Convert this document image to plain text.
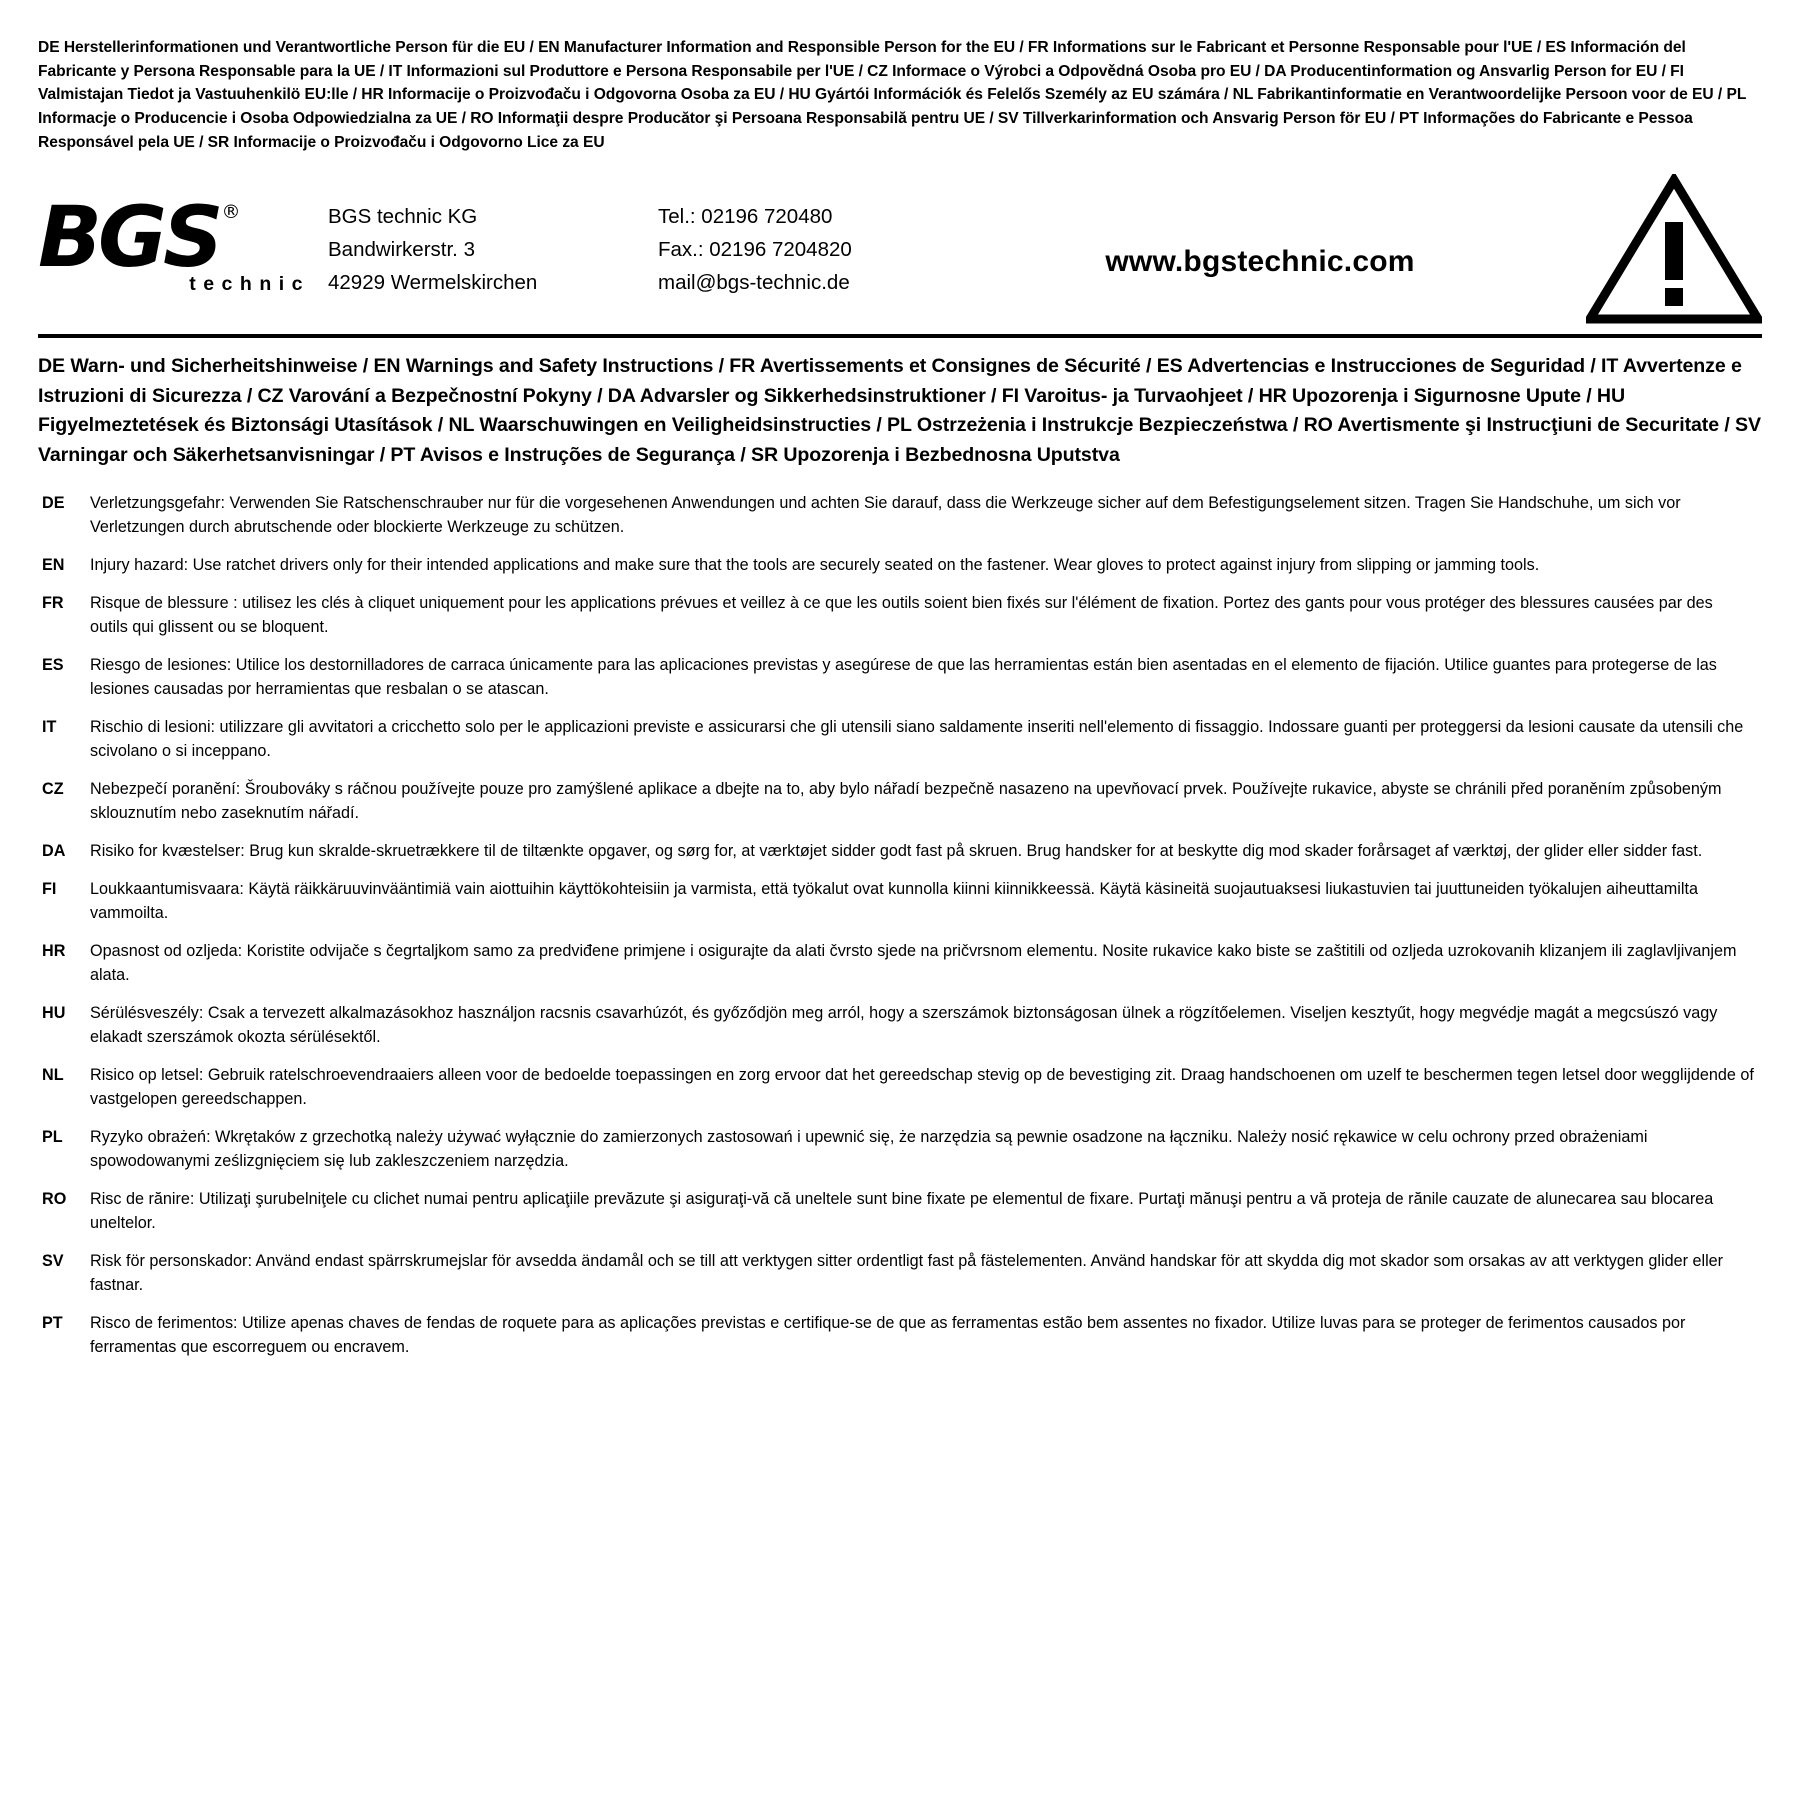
DE Herstellerinformationen und Verantwortliche Person für die EU / EN Manufacturer Information and Responsible Person for the EU / FR Informations sur le Fabricant et Personne Responsable pour l'UE / ES Información del Fabricante y Persona Responsable para la UE / IT Informazioni sul Produttore e Persona Responsabile per l'UE / CZ Informace o Výrobci a Odpovědná Osoba pro EU / DA Producentinformation og Ansvarlig Person for EU / FI Valmistajan Tiedot ja Vastuuhenkilö EU:lle / HR Informacije o Proizvođaču i Odgovorna Osoba za EU / HU Gyártói Információk és Felelős Személy az EU számára / NL Fabrikantinformatie en Verantwoordelijke Persoon voor de EU / PL Informacje o Producencie i Osoba Odpowiedzialna za UE / RO Informaţii despre Producător şi Persoana Responsabilă pentru UE / SV Tillverkarinformation och Ansvarig Person för EU / PT Informações do Fabricante e Pessoa Responsável pela UE / SR Informacije o Proizvođaču i Odgovorno Lice za EU
BGS ®
technic
BGS technic KG
Bandwirkerstr. 3
42929 Wermelskirchen
Tel.: 02196 720480
Fax.: 02196 7204820
mail@bgs-technic.de
www.bgstechnic.com
DE Warn- und Sicherheitshinweise / EN Warnings and Safety Instructions / FR Avertissements et Consignes de Sécurité / ES Advertencias e Instrucciones de Seguridad / IT Avvertenze e Istruzioni di Sicurezza / CZ Varování a Bezpečnostní Pokyny / DA Advarsler og Sikkerhedsinstruktioner / FI Varoitus- ja Turvaohjeet / HR Upozorenja i Sigurnosne Upute / HU Figyelmeztetések és Biztonsági Utasítások / NL Waarschuwingen en Veiligheidsinstructies / PL Ostrzeżenia i Instrukcje Bezpieczeństwa / RO Avertismente şi Instrucţiuni de Securitate / SV Varningar och Säkerhetsanvisningar / PT Avisos e Instruções de Segurança / SR Upozorenja i Bezbednosna Uputstva
DE	Verletzungsgefahr: Verwenden Sie Ratschenschrauber nur für die vorgesehenen Anwendungen und achten Sie darauf, dass die Werkzeuge sicher auf dem Befestigungselement sitzen. Tragen Sie Handschuhe, um sich vor Verletzungen durch abrutschende oder blockierte Werkzeuge zu schützen.
EN	Injury hazard: Use ratchet drivers only for their intended applications and make sure that the tools are securely seated on the fastener. Wear gloves to protect against injury from slipping or jamming tools.
FR	Risque de blessure : utilisez les clés à cliquet uniquement pour les applications prévues et veillez à ce que les outils soient bien fixés sur l'élément de fixation. Portez des gants pour vous protéger des blessures causées par des outils qui glissent ou se bloquent.
ES	Riesgo de lesiones: Utilice los destornilladores de carraca únicamente para las aplicaciones previstas y asegúrese de que las herramientas están bien asentadas en el elemento de fijación. Utilice guantes para protegerse de las lesiones causadas por herramientas que resbalan o se atascan.
IT	Rischio di lesioni: utilizzare gli avvitatori a cricchetto solo per le applicazioni previste e assicurarsi che gli utensili siano saldamente inseriti nell'elemento di fissaggio. Indossare guanti per proteggersi da lesioni causate da utensili che scivolano o si inceppano.
CZ	Nebezpečí poranění: Šroubováky s ráčnou používejte pouze pro zamýšlené aplikace a dbejte na to, aby bylo nářadí bezpečně nasazeno na upevňovací prvek. Používejte rukavice, abyste se chránili před poraněním způsobeným sklouznutím nebo zaseknutím nářadí.
DA	Risiko for kvæstelser: Brug kun skralde-skruetrækkere til de tiltænkte opgaver, og sørg for, at værktøjet sidder godt fast på skruen. Brug handsker for at beskytte dig mod skader forårsaget af værktøj, der glider eller sidder fast.
FI	Loukkaantumisvaara: Käytä räikkäruuvinvääntimiä vain aiottuihin käyttökohteisiin ja varmista, että työkalut ovat kunnolla kiinni kiinnikkeessä. Käytä käsineitä suojautuaksesi liukastuvien tai juuttuneiden työkalujen aiheuttamilta vammoilta.
HR	Opasnost od ozljeda: Koristite odvijače s čegrtaljkom samo za predviđene primjene i osigurajte da alati čvrsto sjede na pričvrsnom elementu. Nosite rukavice kako biste se zaštitili od ozljeda uzrokovanih klizanjem ili zaglavljivanjem alata.
HU	Sérülésveszély: Csak a tervezett alkalmazásokhoz használjon racsnis csavarhúzót, és győződjön meg arról, hogy a szerszámok biztonságosan ülnek a rögzítőelemen. Viseljen kesztyűt, hogy megvédje magát a megcsúszó vagy elakadt szerszámok okozta sérülésektől.
NL	Risico op letsel: Gebruik ratelschroevendraaiers alleen voor de bedoelde toepassingen en zorg ervoor dat het gereedschap stevig op de bevestiging zit. Draag handschoenen om uzelf te beschermen tegen letsel door wegglijdende of vastgelopen gereedschappen.
PL	Ryzyko obrażeń: Wkrętaków z grzechotką należy używać wyłącznie do zamierzonych zastosowań i upewnić się, że narzędzia są pewnie osadzone na łączniku. Należy nosić rękawice w celu ochrony przed obrażeniami spowodowanymi ześlizgnięciem się lub zakleszczeniem narzędzia.
RO	Risc de rănire: Utilizaţi şurubelniţele cu clichet numai pentru aplicaţiile prevăzute şi asiguraţi-vă că uneltele sunt bine fixate pe elementul de fixare. Purtaţi mănuşi pentru a vă proteja de rănile cauzate de alunecarea sau blocarea uneltelor.
SV	Risk för personskador: Använd endast spärrskrumejslar för avsedda ändamål och se till att verktygen sitter ordentligt fast på fästelementen. Använd handskar för att skydda dig mot skador som orsakas av att verktygen glider eller fastnar.
PT	Risco de ferimentos: Utilize apenas chaves de fendas de roquete para as aplicações previstas e certifique-se de que as ferramentas estão bem assentes no fixador. Utilize luvas para se proteger de ferimentos causados por ferramentas que escorreguem ou encravem.
